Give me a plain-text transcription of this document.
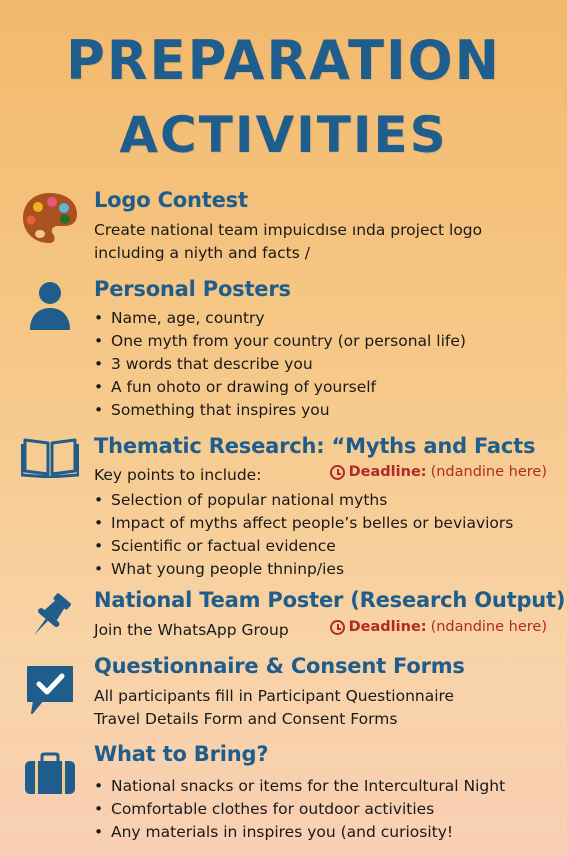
PREPARATION
ACTIVITIES
Logo Contest

Create national team impuicdıse ında project logo

including a niyth and facts /

Personal Posters
• Name, age, country
• One myth from your country (or personal life)
• 3 words that describe you
• A fun ohoto or drawing of yourself
• Something that inspires you
Thematic Research: “Myths and Facts

Key points to include:

• Selection of popular national myths
• Impact of myths affect people’s belles or beviaviors
• Scientific or factual evidence
• What young people thninp/ies
Deadline: (ndandine here)
National Team Poster (Research Output)

Join the WhatsApp Group	Deadline: (ndandine here)
Questionnaire & Consent Forms

All participants fill in Participant Questionnaire

Travel Details Form and Consent Forms

What to Bring?
• National snacks or items for the Intercultural Night
• Comfortable clothes for outdoor activities
• Any materials in inspires you (and curiosity!
